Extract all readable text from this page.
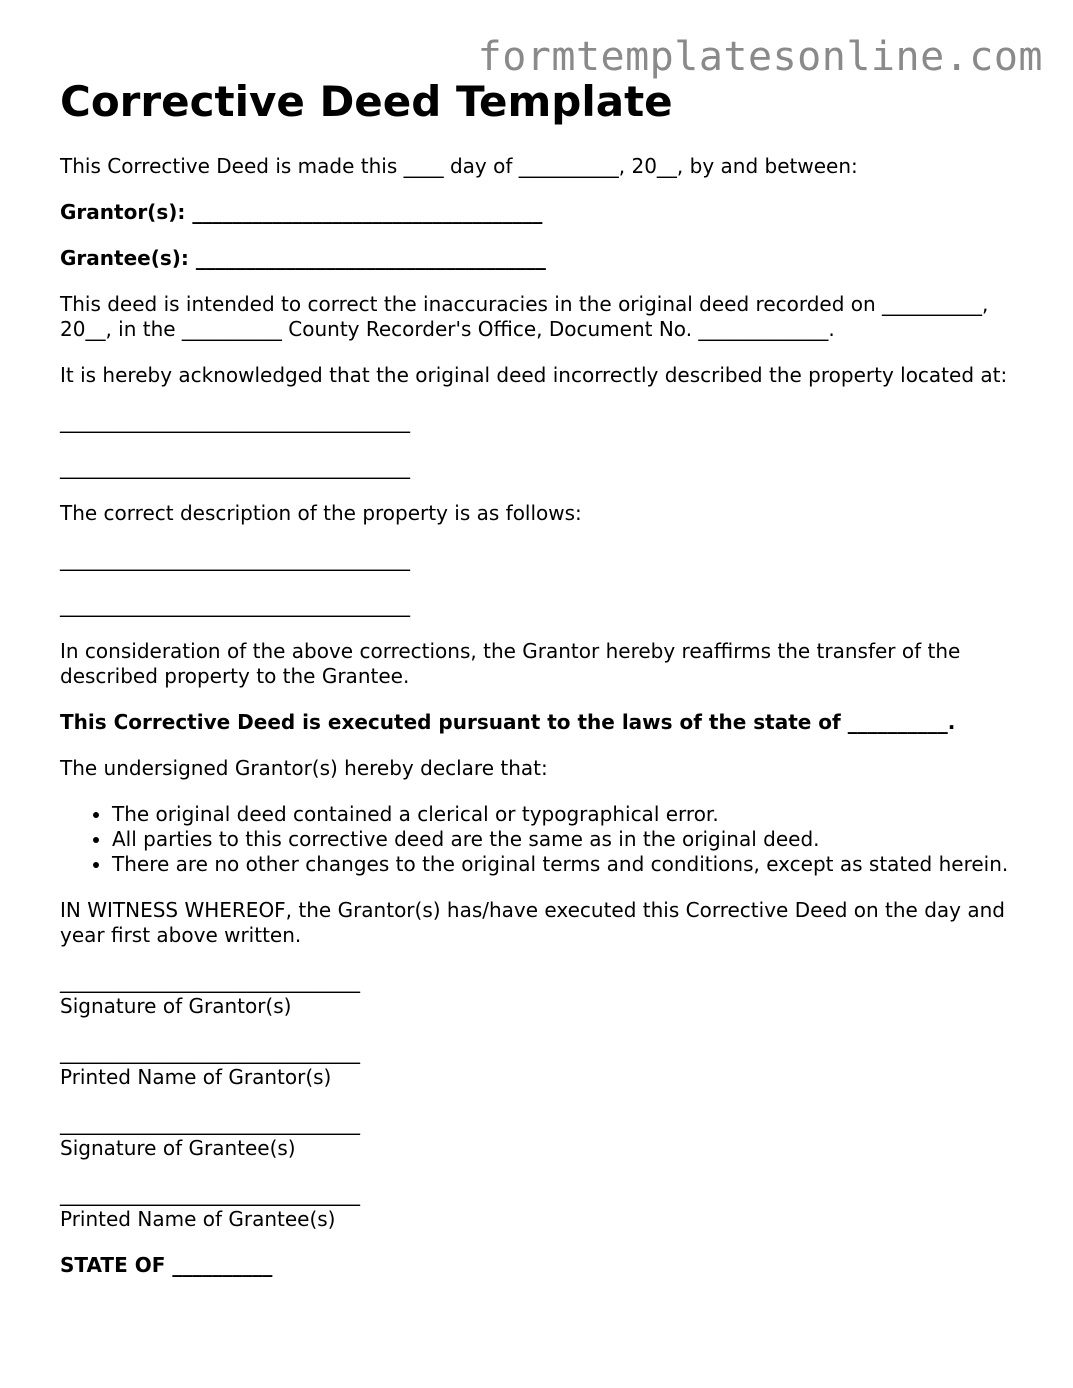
formtemplatesonline.com
Corrective Deed Template

This Corrective Deed is made this ____ day of __________, 20__, by and between:

Grantor(s): ___________________________________

Grantee(s): ___________________________________

This deed is intended to correct the inaccuracies in the original deed recorded on __________, 20__, in the __________ County Recorder's Office, Document No. _____________.

It is hereby acknowledged that the original deed incorrectly described the property located at:

___________________________________

___________________________________

The correct description of the property is as follows:

___________________________________

___________________________________

In consideration of the above corrections, the Grantor hereby reaffirms the transfer of the described property to the Grantee.

This Corrective Deed is executed pursuant to the laws of the state of __________.

The undersigned Grantor(s) hereby declare that:

• The original deed contained a clerical or typographical error.
• All parties to this corrective deed are the same as in the original deed.
• There are no other changes to the original terms and conditions, except as stated herein.

IN WITNESS WHEREOF, the Grantor(s) has/have executed this Corrective Deed on the day and year first above written.

______________________________

Signature of Grantor(s)

______________________________

Printed Name of Grantor(s)

______________________________

Signature of Grantee(s)

______________________________

Printed Name of Grantee(s)

STATE OF __________
